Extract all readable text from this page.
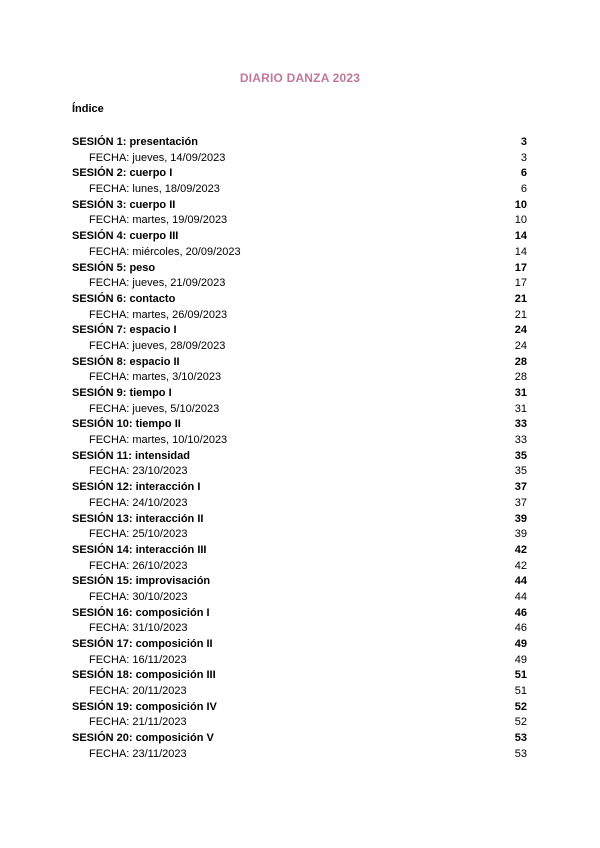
DIARIO DANZA 2023
Índice
SESIÓN 1: presentación	3
FECHA: jueves, 14/09/2023	3
SESIÓN 2: cuerpo I	6
FECHA: lunes, 18/09/2023	6
SESIÓN 3: cuerpo II	10
FECHA: martes, 19/09/2023	10
SESIÓN 4: cuerpo III	14
FECHA: miércoles, 20/09/2023	14
SESIÓN 5: peso	17
FECHA: jueves, 21/09/2023	17
SESIÓN 6: contacto	21
FECHA: martes, 26/09/2023	21
SESIÓN 7: espacio I	24
FECHA: jueves, 28/09/2023	24
SESIÓN 8: espacio II	28
FECHA: martes, 3/10/2023	28
SESIÓN 9: tiempo I	31
FECHA: jueves, 5/10/2023	31
SESIÓN 10: tiempo II	33
FECHA: martes, 10/10/2023	33
SESIÓN 11: intensidad	35
FECHA: 23/10/2023	35
SESIÓN 12: interacción I	37
FECHA: 24/10/2023	37
SESIÓN 13: interacción II	39
FECHA: 25/10/2023	39
SESIÓN 14: interacción III	42
FECHA: 26/10/2023	42
SESIÓN 15: improvisación	44
FECHA: 30/10/2023	44
SESIÓN 16: composición I	46
FECHA: 31/10/2023	46
SESIÓN 17: composición II	49
FECHA: 16/11/2023	49
SESIÓN 18: composición III	51
FECHA: 20/11/2023	51
SESIÓN 19: composición IV	52
FECHA: 21/11/2023	52
SESIÓN 20: composición V	53
FECHA: 23/11/2023	53
